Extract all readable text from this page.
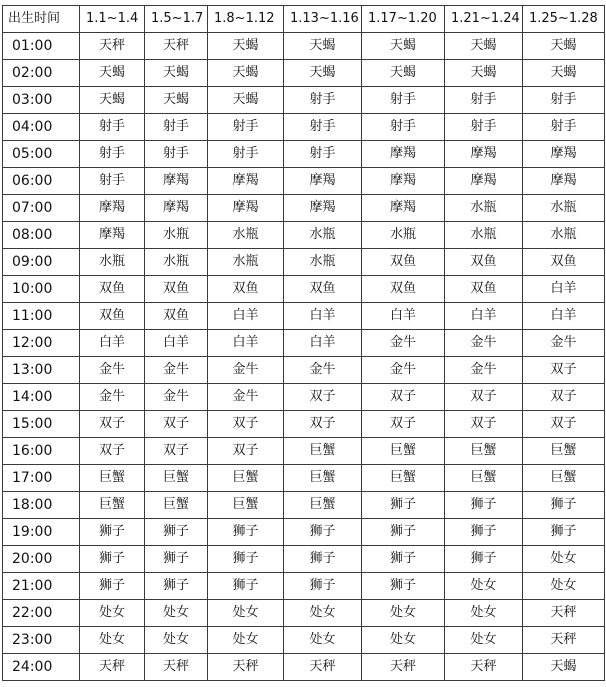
出生时间	1.1~1.4	1.5~1.7	1.8~1.12	1.13~1.16	1.17~1.20	1.21~1.24	1.25~1.28
01:00	天秤	天秤	天蝎	天蝎	天蝎	天蝎	天蝎
02:00	天蝎	天蝎	天蝎	天蝎	天蝎	天蝎	天蝎
03:00	天蝎	天蝎	天蝎	射手	射手	射手	射手
04:00	射手	射手	射手	射手	射手	射手	射手
05:00	射手	射手	射手	射手	摩羯	摩羯	摩羯
06:00	射手	摩羯	摩羯	摩羯	摩羯	摩羯	摩羯
07:00	摩羯	摩羯	摩羯	摩羯	摩羯	水瓶	水瓶
08:00	摩羯	水瓶	水瓶	水瓶	水瓶	水瓶	水瓶
09:00	水瓶	水瓶	水瓶	水瓶	双鱼	双鱼	双鱼
10:00	双鱼	双鱼	双鱼	双鱼	双鱼	双鱼	白羊
11:00	双鱼	双鱼	白羊	白羊	白羊	白羊	白羊
12:00	白羊	白羊	白羊	白羊	金牛	金牛	金牛
13:00	金牛	金牛	金牛	金牛	金牛	金牛	双子
14:00	金牛	金牛	金牛	双子	双子	双子	双子
15:00	双子	双子	双子	双子	双子	双子	双子
16:00	双子	双子	双子	巨蟹	巨蟹	巨蟹	巨蟹
17:00	巨蟹	巨蟹	巨蟹	巨蟹	巨蟹	巨蟹	巨蟹
18:00	巨蟹	巨蟹	巨蟹	巨蟹	狮子	狮子	狮子
19:00	狮子	狮子	狮子	狮子	狮子	狮子	狮子
20:00	狮子	狮子	狮子	狮子	狮子	狮子	处女
21:00	狮子	狮子	狮子	狮子	狮子	处女	处女
22:00	处女	处女	处女	处女	处女	处女	天秤
23:00	处女	处女	处女	处女	处女	处女	天秤
24:00	天秤	天秤	天秤	天秤	天秤	天秤	天蝎
